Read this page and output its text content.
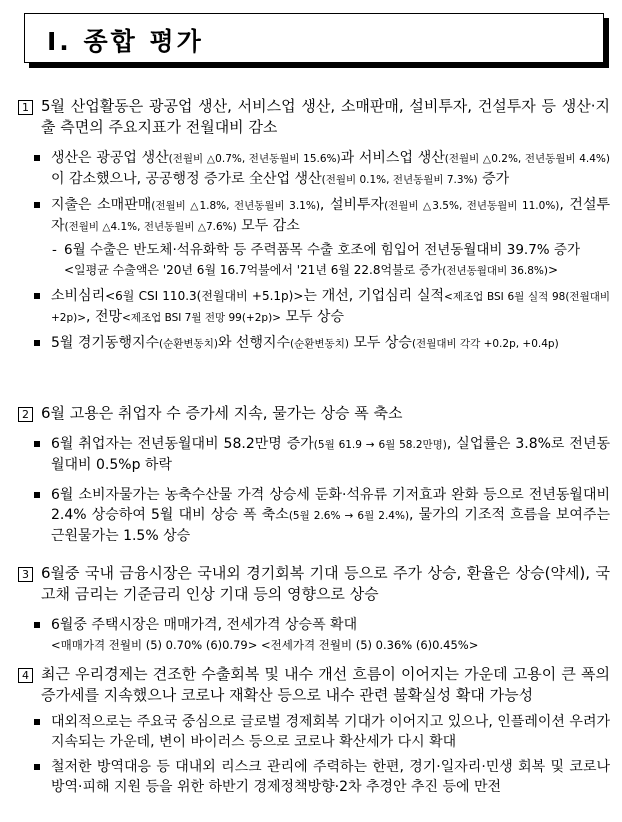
Ⅰ. 종합 평가
1 5월 산업활동은 광공업 생산, 서비스업 생산, 소매판매, 설비투자, 건설투자 등 생산·지출 측면의 주요지표가 전월대비 감소
생산은 광공업 생산(전월비 △0.7%, 전년동월비 15.6%)과 서비스업 생산(전월비 △0.2%, 전년동월비 4.4%)이 감소했으나, 공공행정 증가로 全산업 생산(전월비 0.1%, 전년동월비 7.3%) 증가
지출은 소매판매(전월비 △1.8%, 전년동월비 3.1%), 설비투자(전월비 △3.5%, 전년동월비 11.0%), 건설투자(전월비 △4.1%, 전년동월비 △7.6%) 모두 감소
- 6월 수출은 반도체·석유화학 등 주력품목 수출 호조에 힘입어 전년동월대비 39.7% 증가
<일평균 수출액은 '20년 6월 16.7억불에서 '21년 6월 22.8억불로 증가(전년동월대비 36.8%)>
소비심리<6월 CSI 110.3(전월대비 +5.1p)>는 개선, 기업심리 실적<제조업 BSI 6월 실적 98(전월대비 +2p)>, 전망<제조업 BSI 7월 전망 99(+2p)> 모두 상승
5월 경기동행지수(순환변동치)와 선행지수(순환변동치) 모두 상승(전월대비 각각 +0.2p, +0.4p)
2 6월 고용은 취업자 수 증가세 지속, 물가는 상승 폭 축소
6월 취업자는 전년동월대비 58.2만명 증가(5월 61.9 → 6월 58.2만명), 실업률은 3.8%로 전년동월대비 0.5%p 하락
6월 소비자물가는 농축수산물 가격 상승세 둔화·석유류 기저효과 완화 등으로 전년동월대비 2.4% 상승하여 5월 대비 상승 폭 축소(5월 2.6% → 6월 2.4%), 물가의 기조적 흐름을 보여주는 근원물가는 1.5% 상승
3 6월중 국내 금융시장은 국내외 경기회복 기대 등으로 주가 상승, 환율은 상승(약세), 국고채 금리는 기준금리 인상 기대 등의 영향으로 상승
6월중 주택시장은 매매가격, 전세가격 상승폭 확대
<매매가격 전월비 (5) 0.70% (6)0.79> <전세가격 전월비 (5) 0.36% (6)0.45%>
4 최근 우리경제는 견조한 수출회복 및 내수 개선 흐름이 이어지는 가운데 고용이 큰 폭의 증가세를 지속했으나 코로나 재확산 등으로 내수 관련 불확실성 확대 가능성
대외적으로는 주요국 중심으로 글로벌 경제회복 기대가 이어지고 있으나, 인플레이션 우려가 지속되는 가운데, 변이 바이러스 등으로 코로나 확산세가 다시 확대
철저한 방역대응 등 대내외 리스크 관리에 주력하는 한편, 경기·일자리·민생 회복 및 코로나 방역·피해 지원 등을 위한 하반기 경제정책방향·2차 추경안 추진 등에 만전
